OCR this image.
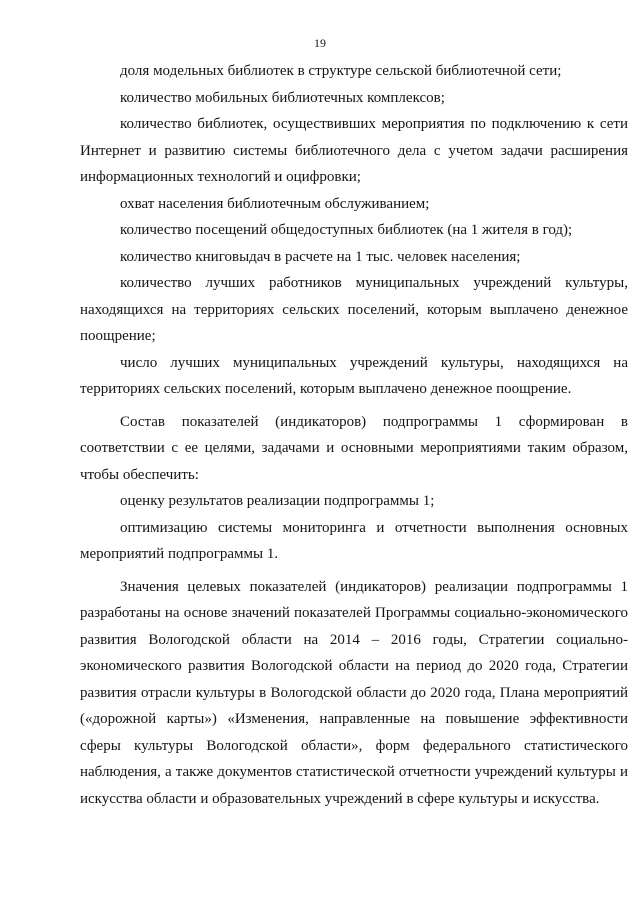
19

доля модельных библиотек в структуре сельской библиотечной сети;

количество мобильных библиотечных комплексов;

количество библиотек, осуществивших мероприятия по подключению к сети Интернет и развитию системы библиотечного дела с учетом задачи расширения информационных технологий и оцифровки;

охват населения библиотечным обслуживанием;

количество посещений общедоступных библиотек (на 1 жителя в год);

количество книговыдач в расчете на 1 тыс. человек населения;

количество лучших работников муниципальных учреждений культуры, находящихся на территориях сельских поселений, которым выплачено денежное поощрение;

число лучших муниципальных учреждений культуры, находящихся на территориях сельских поселений, которым выплачено денежное поощрение.

Состав показателей (индикаторов) подпрограммы 1 сформирован в соответствии с ее целями, задачами и основными мероприятиями таким образом, чтобы обеспечить:

оценку результатов реализации подпрограммы 1;

оптимизацию системы мониторинга и отчетности выполнения основных мероприятий подпрограммы 1.

Значения целевых показателей (индикаторов) реализации подпрограммы 1 разработаны на основе значений показателей Программы социально-экономического развития Вологодской области на 2014 – 2016 годы, Стратегии социально-экономического развития Вологодской области на период до 2020 года, Стратегии развития отрасли культуры в Вологодской области до 2020 года, Плана мероприятий («дорожной карты») «Изменения, направленные на повышение эффективности сферы культуры Вологодской области», форм федерального статистического наблюдения, а также документов статистической отчетности учреждений культуры и искусства области и образовательных учреждений в сфере культуры и искусства.
